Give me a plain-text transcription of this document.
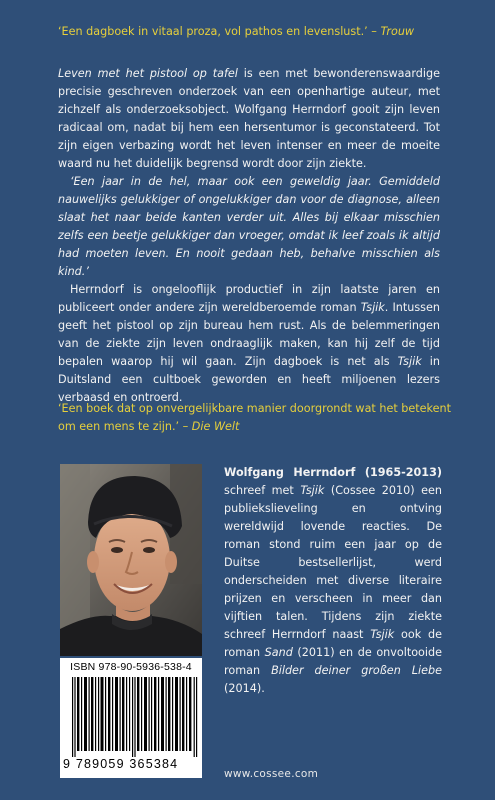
‘Een dagboek in vitaal proza, vol pathos en levenslust.’ – Trouw

Leven met het pistool op tafel is een met bewonderenswaardige precisie geschreven onderzoek van een openhartige auteur, met zichzelf als onderzoeksobject. Wolfgang Herrndorf gooit zijn leven radicaal om, nadat bij hem een hersentumor is geconstateerd. Tot zijn eigen verbazing wordt het leven intenser en meer de moeite waard nu het duidelijk begrensd wordt door zijn ziekte.

‘Een jaar in de hel, maar ook een geweldig jaar. Gemiddeld nauwelijks gelukkiger of ongelukkiger dan voor de diagnose, alleen slaat het naar beide kanten verder uit. Alles bij elkaar misschien zelfs een beetje gelukkiger dan vroeger, omdat ik leef zoals ik altijd had moeten leven. En nooit gedaan heb, behalve misschien als kind.’

Herrndorf is ongelooflijk productief in zijn laatste jaren en publiceert onder andere zijn wereldberoemde roman Tsjik. Intussen geeft het pistool op zijn bureau hem rust. Als de belemmeringen van de ziekte zijn leven ondraaglijk maken, kan hij zelf de tijd bepalen waarop hij wil gaan. Zijn dagboek is net als Tsjik in Duitsland een cultboek geworden en heeft miljoenen lezers verbaasd en ontroerd.

‘Een boek dat op onvergelijkbare manier doorgrondt wat het betekent om een mens te zijn.’ – Die Welt
ISBN 978-90-5936-538-4
9 789059 365384
Wolfgang Herrndorf (1965-2013) schreef met Tsjik (Cossee 2010) een publiekslieveling en ontving wereldwijd lovende reacties. De roman stond ruim een jaar op de Duitse bestsellerlijst, werd onderscheiden met diverse literaire prijzen en verscheen in meer dan vijftien talen. Tijdens zijn ziekte schreef Herrndorf naast Tsjik ook de roman Sand (2011) en de onvoltooide roman Bilder deiner großen Liebe (2014).
www.cossee.com
